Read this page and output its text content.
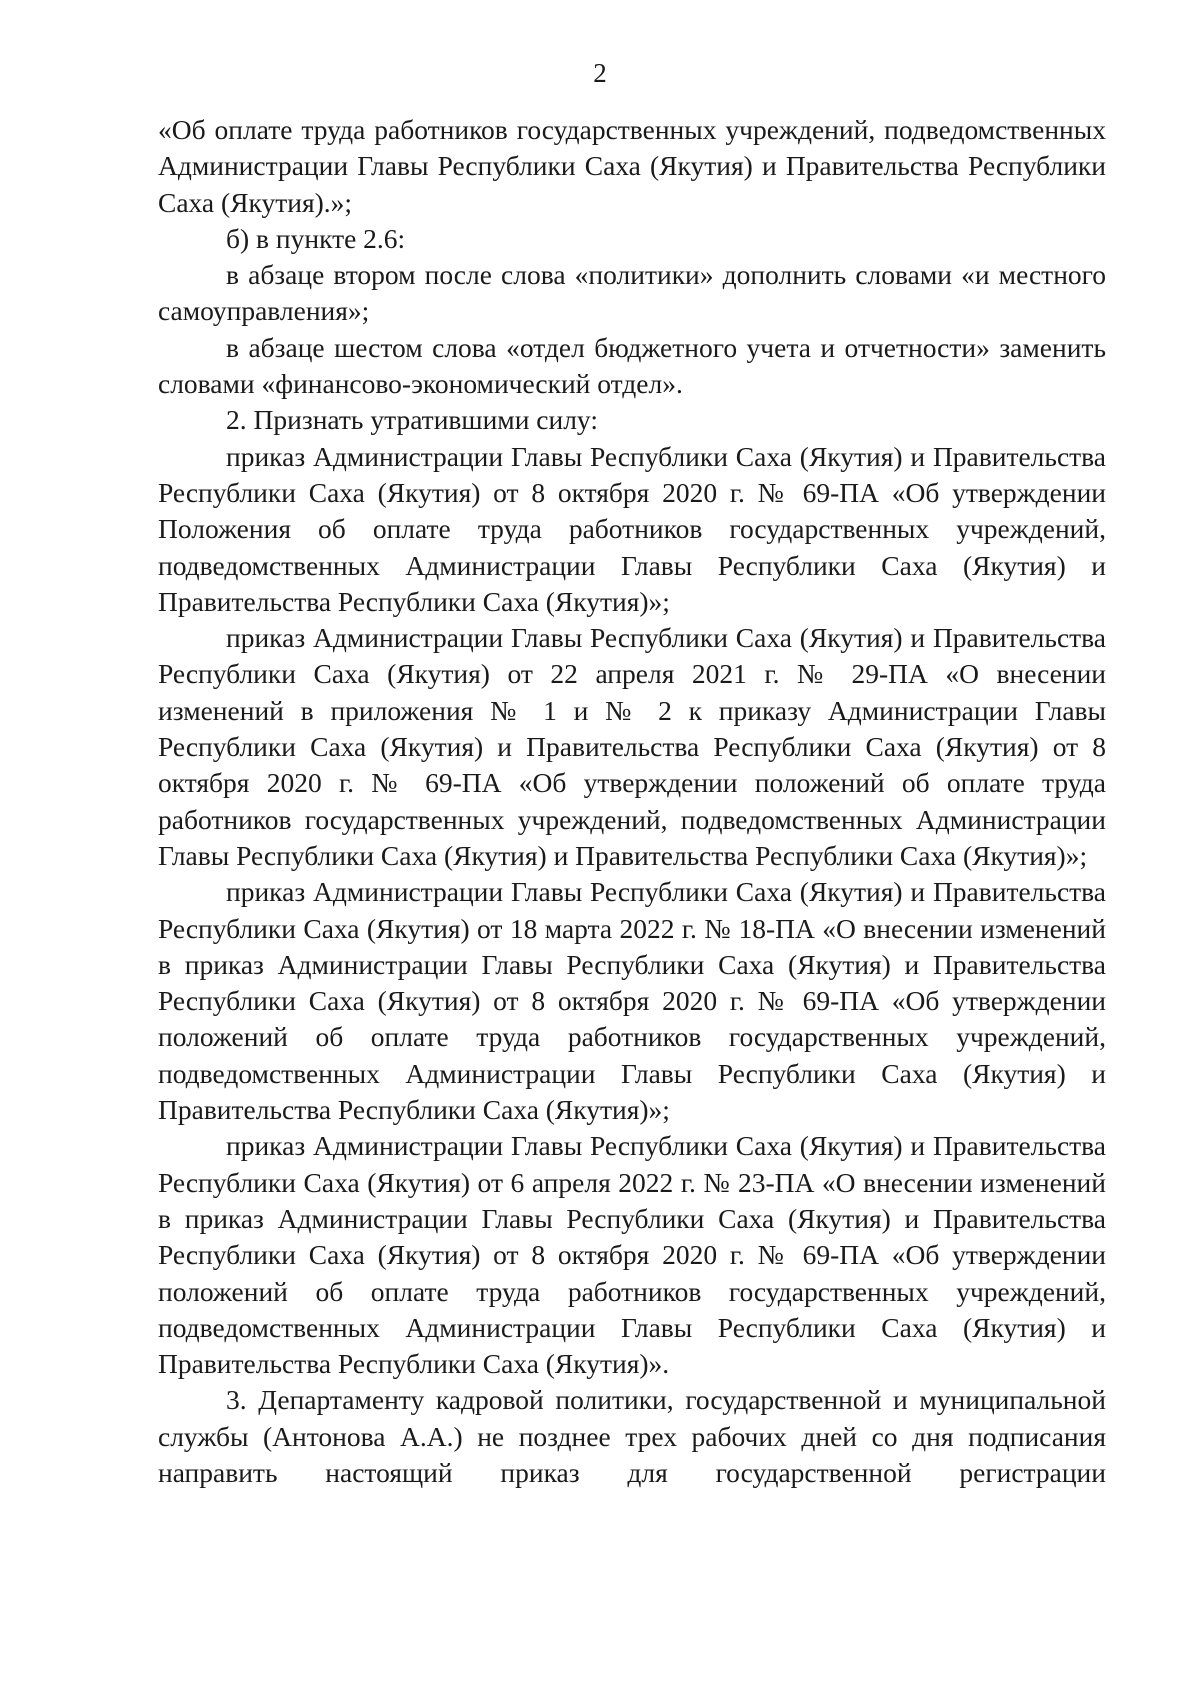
2

«Об оплате труда работников государственных учреждений, подведомственных Администрации Главы Республики Саха (Якутия) и Правительства Республики Саха (Якутия).»;

б) в пункте 2.6:

в абзаце втором после слова «политики» дополнить словами «и местного самоуправления»;

в абзаце шестом слова «отдел бюджетного учета и отчетности» заменить словами «финансово-экономический отдел».

2. Признать утратившими силу:

приказ Администрации Главы Республики Саха (Якутия) и Правительства Республики Саха (Якутия) от 8 октября 2020 г. № 69-ПА «Об утверждении Положения об оплате труда работников государственных учреждений, подведомственных Администрации Главы Республики Саха (Якутия) и Правительства Республики Саха (Якутия)»;

приказ Администрации Главы Республики Саха (Якутия) и Правительства Республики Саха (Якутия) от 22 апреля 2021 г. № 29-ПА «О внесении изменений в приложения № 1 и № 2 к приказу Администрации Главы Республики Саха (Якутия) и Правительства Республики Саха (Якутия) от 8 октября 2020 г. № 69-ПА «Об утверждении положений об оплате труда работников государственных учреждений, подведомственных Администрации Главы Республики Саха (Якутия) и Правительства Республики Саха (Якутия)»;

приказ Администрации Главы Республики Саха (Якутия) и Правительства Республики Саха (Якутия) от 18 марта 2022 г. № 18-ПА «О внесении изменений в приказ Администрации Главы Республики Саха (Якутия) и Правительства Республики Саха (Якутия) от 8 октября 2020 г. № 69-ПА «Об утверждении положений об оплате труда работников государственных учреждений, подведомственных Администрации Главы Республики Саха (Якутия) и Правительства Республики Саха (Якутия)»;

приказ Администрации Главы Республики Саха (Якутия) и Правительства Республики Саха (Якутия) от 6 апреля 2022 г. № 23-ПА «О внесении изменений в приказ Администрации Главы Республики Саха (Якутия) и Правительства Республики Саха (Якутия) от 8 октября 2020 г. № 69-ПА «Об утверждении положений об оплате труда работников государственных учреждений, подведомственных Администрации Главы Республики Саха (Якутия) и Правительства Республики Саха (Якутия)».

3. Департаменту кадровой политики, государственной и муниципальной службы (Антонова А.А.) не позднее трех рабочих дней со дня подписания направить настоящий приказ для государственной регистрации
